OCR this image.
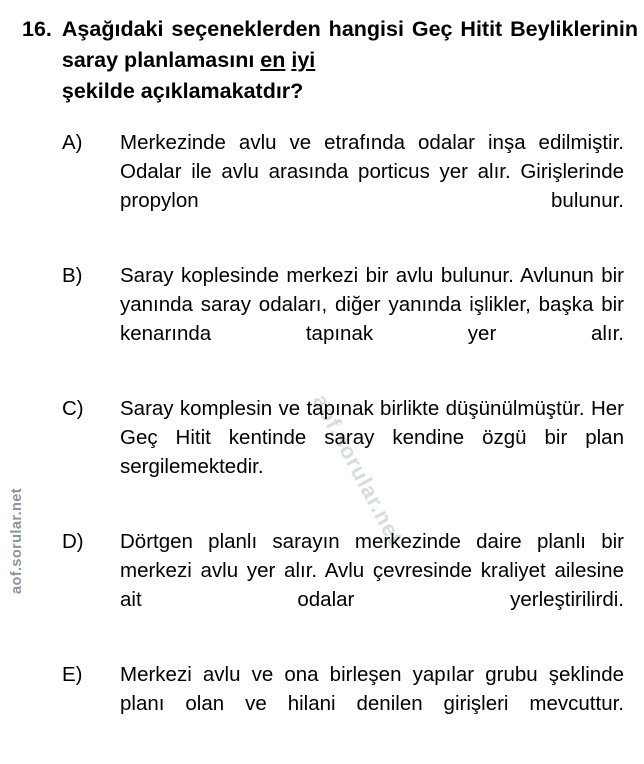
aof.sorular.net	aof.sorular.net
16. Aşağıdaki seçeneklerden hangisi Geç Hitit Beyliklerinin saray planlamasını en iyi
şekilde açıklamakatdır?
A)	Merkezinde avlu ve etrafında odalar inşa edilmiştir. Odalar ile avlu arasında porticus yer alır. Girişlerinde propylon bulunur.
B)	Saray koplesinde merkezi bir avlu bulunur. Avlunun bir yanında saray odaları, diğer yanında işlikler, başka bir kenarında tapınak yer alır.
C)	Saray komplesin ve tapınak birlikte düşünülmüştür. Her Geç Hitit kentinde saray kendine özgü bir plan sergilemektedir.
D)	Dörtgen planlı sarayın merkezinde daire planlı bir merkezi avlu yer alır. Avlu çevresinde kraliyet ailesine ait odalar yerleştirilirdi.
E)	Merkezi avlu ve ona birleşen yapılar grubu şeklinde planı olan ve hilani denilen girişleri mevcuttur.
